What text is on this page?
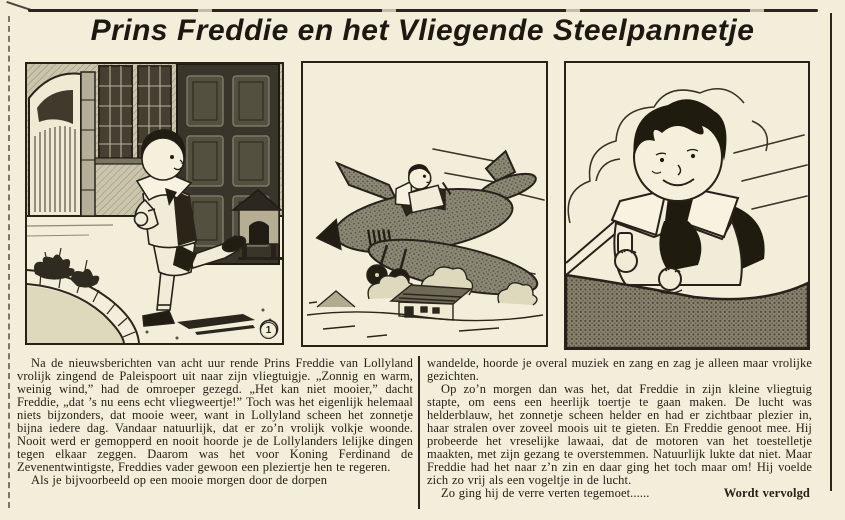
Prins Freddie en het Vliegende Steelpannetje
1

Na de nieuwsberichten van acht uur rende Prins Freddie van Lollyland vrolijk zingend de Paleispoort uit naar zijn vliegtuigje. „Zonnig en warm, weinig wind,” had de omroeper gezegd. „Het kan niet mooier,” dacht Freddie, „dat ’s nu eens echt vliegweertje!” Toch was het eigenlijk helemaal niets bijzonders, dat mooie weer, want in Lollyland scheen het zonnetje bijna iedere dag. Vandaar natuurlijk, dat er zo’n vrolijk volkje woonde. Nooit werd er gemopperd en nooit hoorde je de Lollylanders lelijke dingen tegen elkaar zeggen. Daarom was het voor Koning Ferdinand de Zevenentwintigste, Freddies vader gewoon een pleziertje hen te regeren.

Als je bijvoorbeeld op een mooie morgen door de dorpen

wandelde, hoorde je overal muziek en zang en zag je alleen maar vrolijke gezichten.

Op zo’n morgen dan was het, dat Freddie in zijn kleine vliegtuig stapte, om eens een heerlijk toertje te gaan maken. De lucht was helderblauw, het zonnetje scheen helder en had er zichtbaar plezier in, haar stralen over zoveel moois uit te gieten. En Freddie genoot mee. Hij probeerde het vreselijke lawaai, dat de motoren van het toestelletje maakten, met zijn gezang te overstemmen. Natuurlijk lukte dat niet. Maar Freddie had het naar z’n zin en daar ging het toch maar om! Hij voelde zich zo vrij als een vogeltje in de lucht.

Zo ging hij de verre verten tegemoet......	Wordt vervolgd
